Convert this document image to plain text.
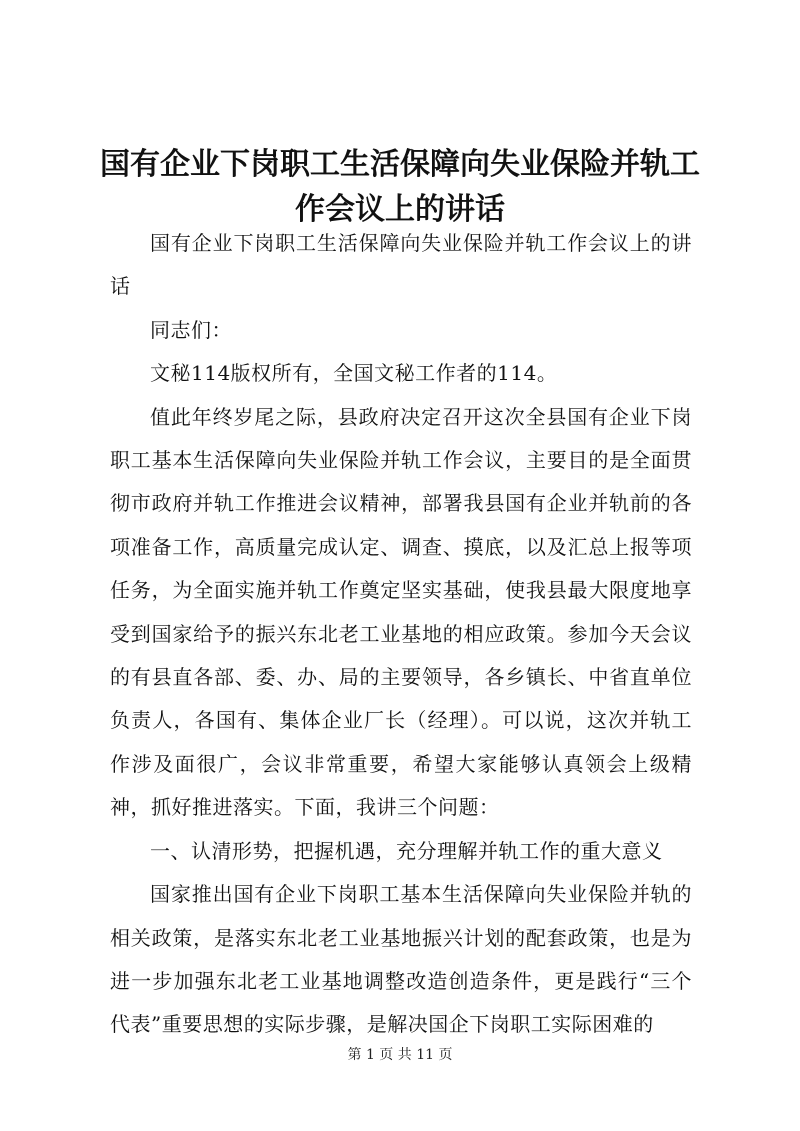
国有企业下岗职工生活保障向失业保险并轨工作会议上的讲话

国有企业下岗职工生活保障向失业保险并轨工作会议上的讲话

同志们：

文秘114版权所有，全国文秘工作者的114。

值此年终岁尾之际，县政府决定召开这次全县国有企业下岗职工基本生活保障向失业保险并轨工作会议，主要目的是全面贯彻市政府并轨工作推进会议精神，部署我县国有企业并轨前的各项准备工作，高质量完成认定、调查、摸底，以及汇总上报等项任务，为全面实施并轨工作奠定坚实基础，使我县最大限度地享受到国家给予的振兴东北老工业基地的相应政策。参加今天会议的有县直各部、委、办、局的主要领导，各乡镇长、中省直单位负责人，各国有、集体企业厂长（经理）。可以说，这次并轨工作涉及面很广，会议非常重要，希望大家能够认真领会上级精神，抓好推进落实。下面，我讲三个问题：

一、认清形势，把握机遇，充分理解并轨工作的重大意义

国家推出国有企业下岗职工基本生活保障向失业保险并轨的相关政策，是落实东北老工业基地振兴计划的配套政策，也是为进一步加强东北老工业基地调整改造创造条件，更是践行“三个代表”重要思想的实际步骤，是解决国企下岗职工实际困难的

第 1 页 共 11 页
